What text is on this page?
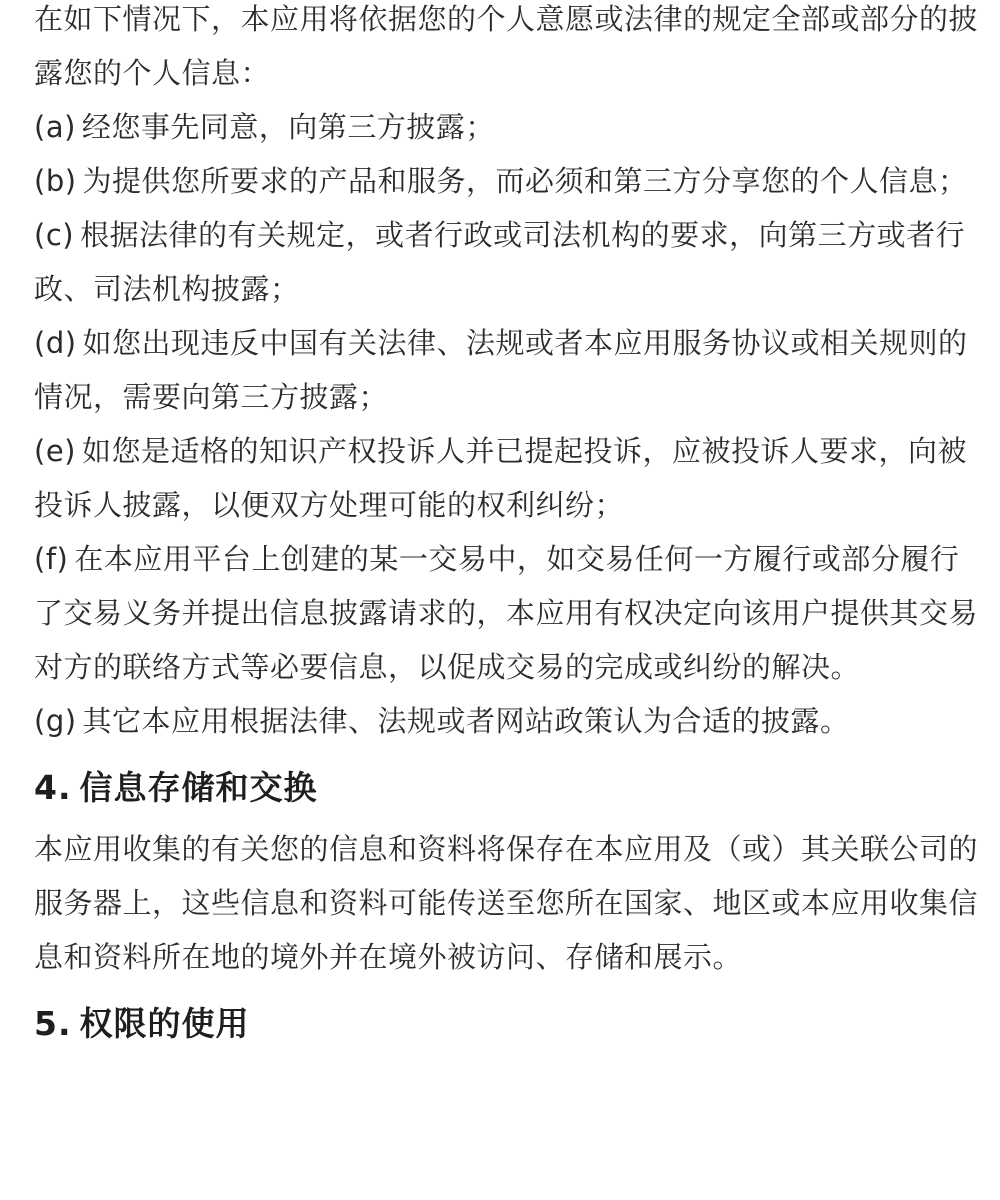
在如下情况下，本应用将依据您的个人意愿或法律的规定全部或部分的披露您的个人信息：

(a) 经您事先同意，向第三方披露；

(b) 为提供您所要求的产品和服务，而必须和第三方分享您的个人信息；

(c) 根据法律的有关规定，或者行政或司法机构的要求，向第三方或者行政、司法机构披露；

(d) 如您出现违反中国有关法律、法规或者本应用服务协议或相关规则的情况，需要向第三方披露；

(e) 如您是适格的知识产权投诉人并已提起投诉，应被投诉人要求，向被投诉人披露，以便双方处理可能的权利纠纷；

(f) 在本应用平台上创建的某一交易中，如交易任何一方履行或部分履行了交易义务并提出信息披露请求的，本应用有权决定向该用户提供其交易对方的联络方式等必要信息，以促成交易的完成或纠纷的解决。

(g) 其它本应用根据法律、法规或者网站政策认为合适的披露。

4. 信息存储和交换

本应用收集的有关您的信息和资料将保存在本应用及（或）其关联公司的服务器上，这些信息和资料可能传送至您所在国家、地区或本应用收集信息和资料所在地的境外并在境外被访问、存储和展示。

5. 权限的使用
